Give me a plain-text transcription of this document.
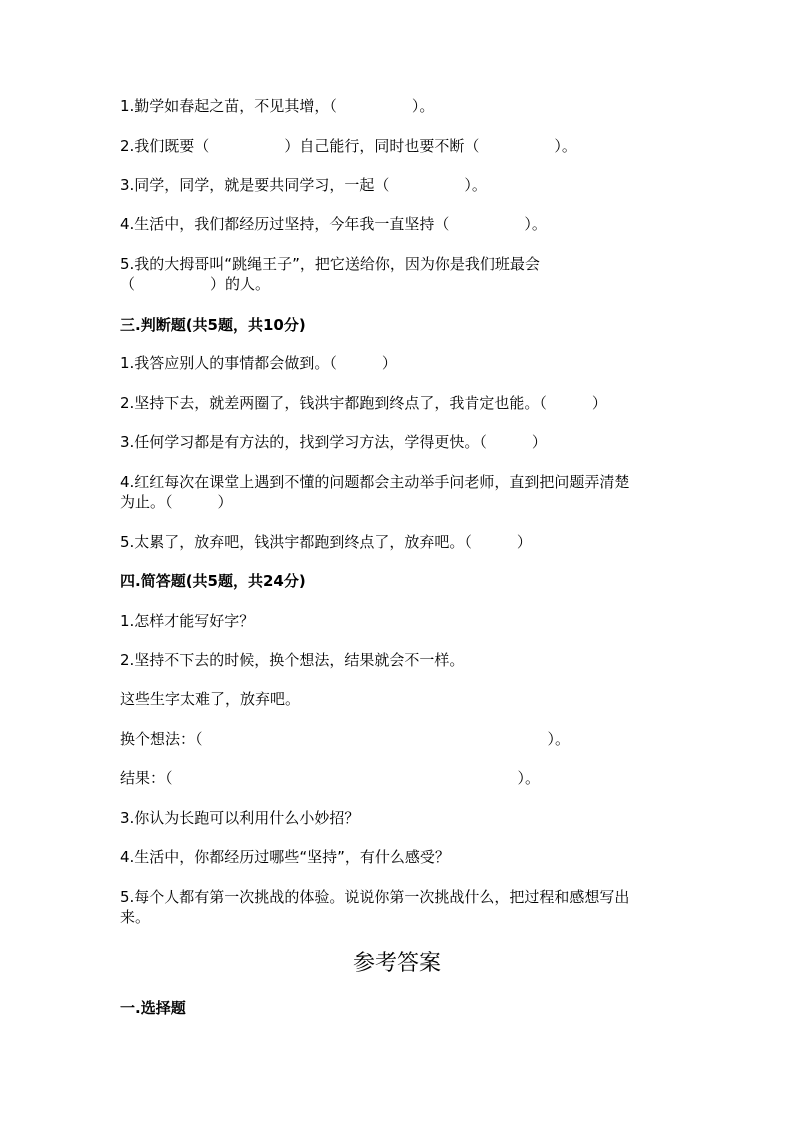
1.勤学如春起之苗，不见其增，（　　　　　）。
2.我们既要（　　　　　）自己能行，同时也要不断（　　　　　）。
3.同学，同学，就是要共同学习，一起（　　　　　）。
4.生活中，我们都经历过坚持，今年我一直坚持（　　　　　）。
5.我的大拇哥叫“跳绳王子”，把它送给你，因为你是我们班最会
（　　　　　）的人。
三.判断题(共5题，共10分)
1.我答应别人的事情都会做到。（　　　）
2.坚持下去，就差两圈了，钱洪宇都跑到终点了，我肯定也能。（　　　）
3.任何学习都是有方法的，找到学习方法，学得更快。（　　　）
4.红红每次在课堂上遇到不懂的问题都会主动举手问老师，直到把问题弄清楚
为止。（　　　）
5.太累了，放弃吧，钱洪宇都跑到终点了，放弃吧。（　　　）
四.简答题(共5题，共24分)
1.怎样才能写好字？
2.坚持不下去的时候，换个想法，结果就会不一样。
这些生字太难了，放弃吧。
换个想法：（　　　　　　　　　　　　　　　　　　　　　　　）。
结果：（　　　　　　　　　　　　　　　　　　　　　　　）。
3.你认为长跑可以利用什么小妙招？
4.生活中，你都经历过哪些“坚持”，有什么感受？
5.每个人都有第一次挑战的体验。说说你第一次挑战什么，把过程和感想写出
来。
参考答案
一.选择题
